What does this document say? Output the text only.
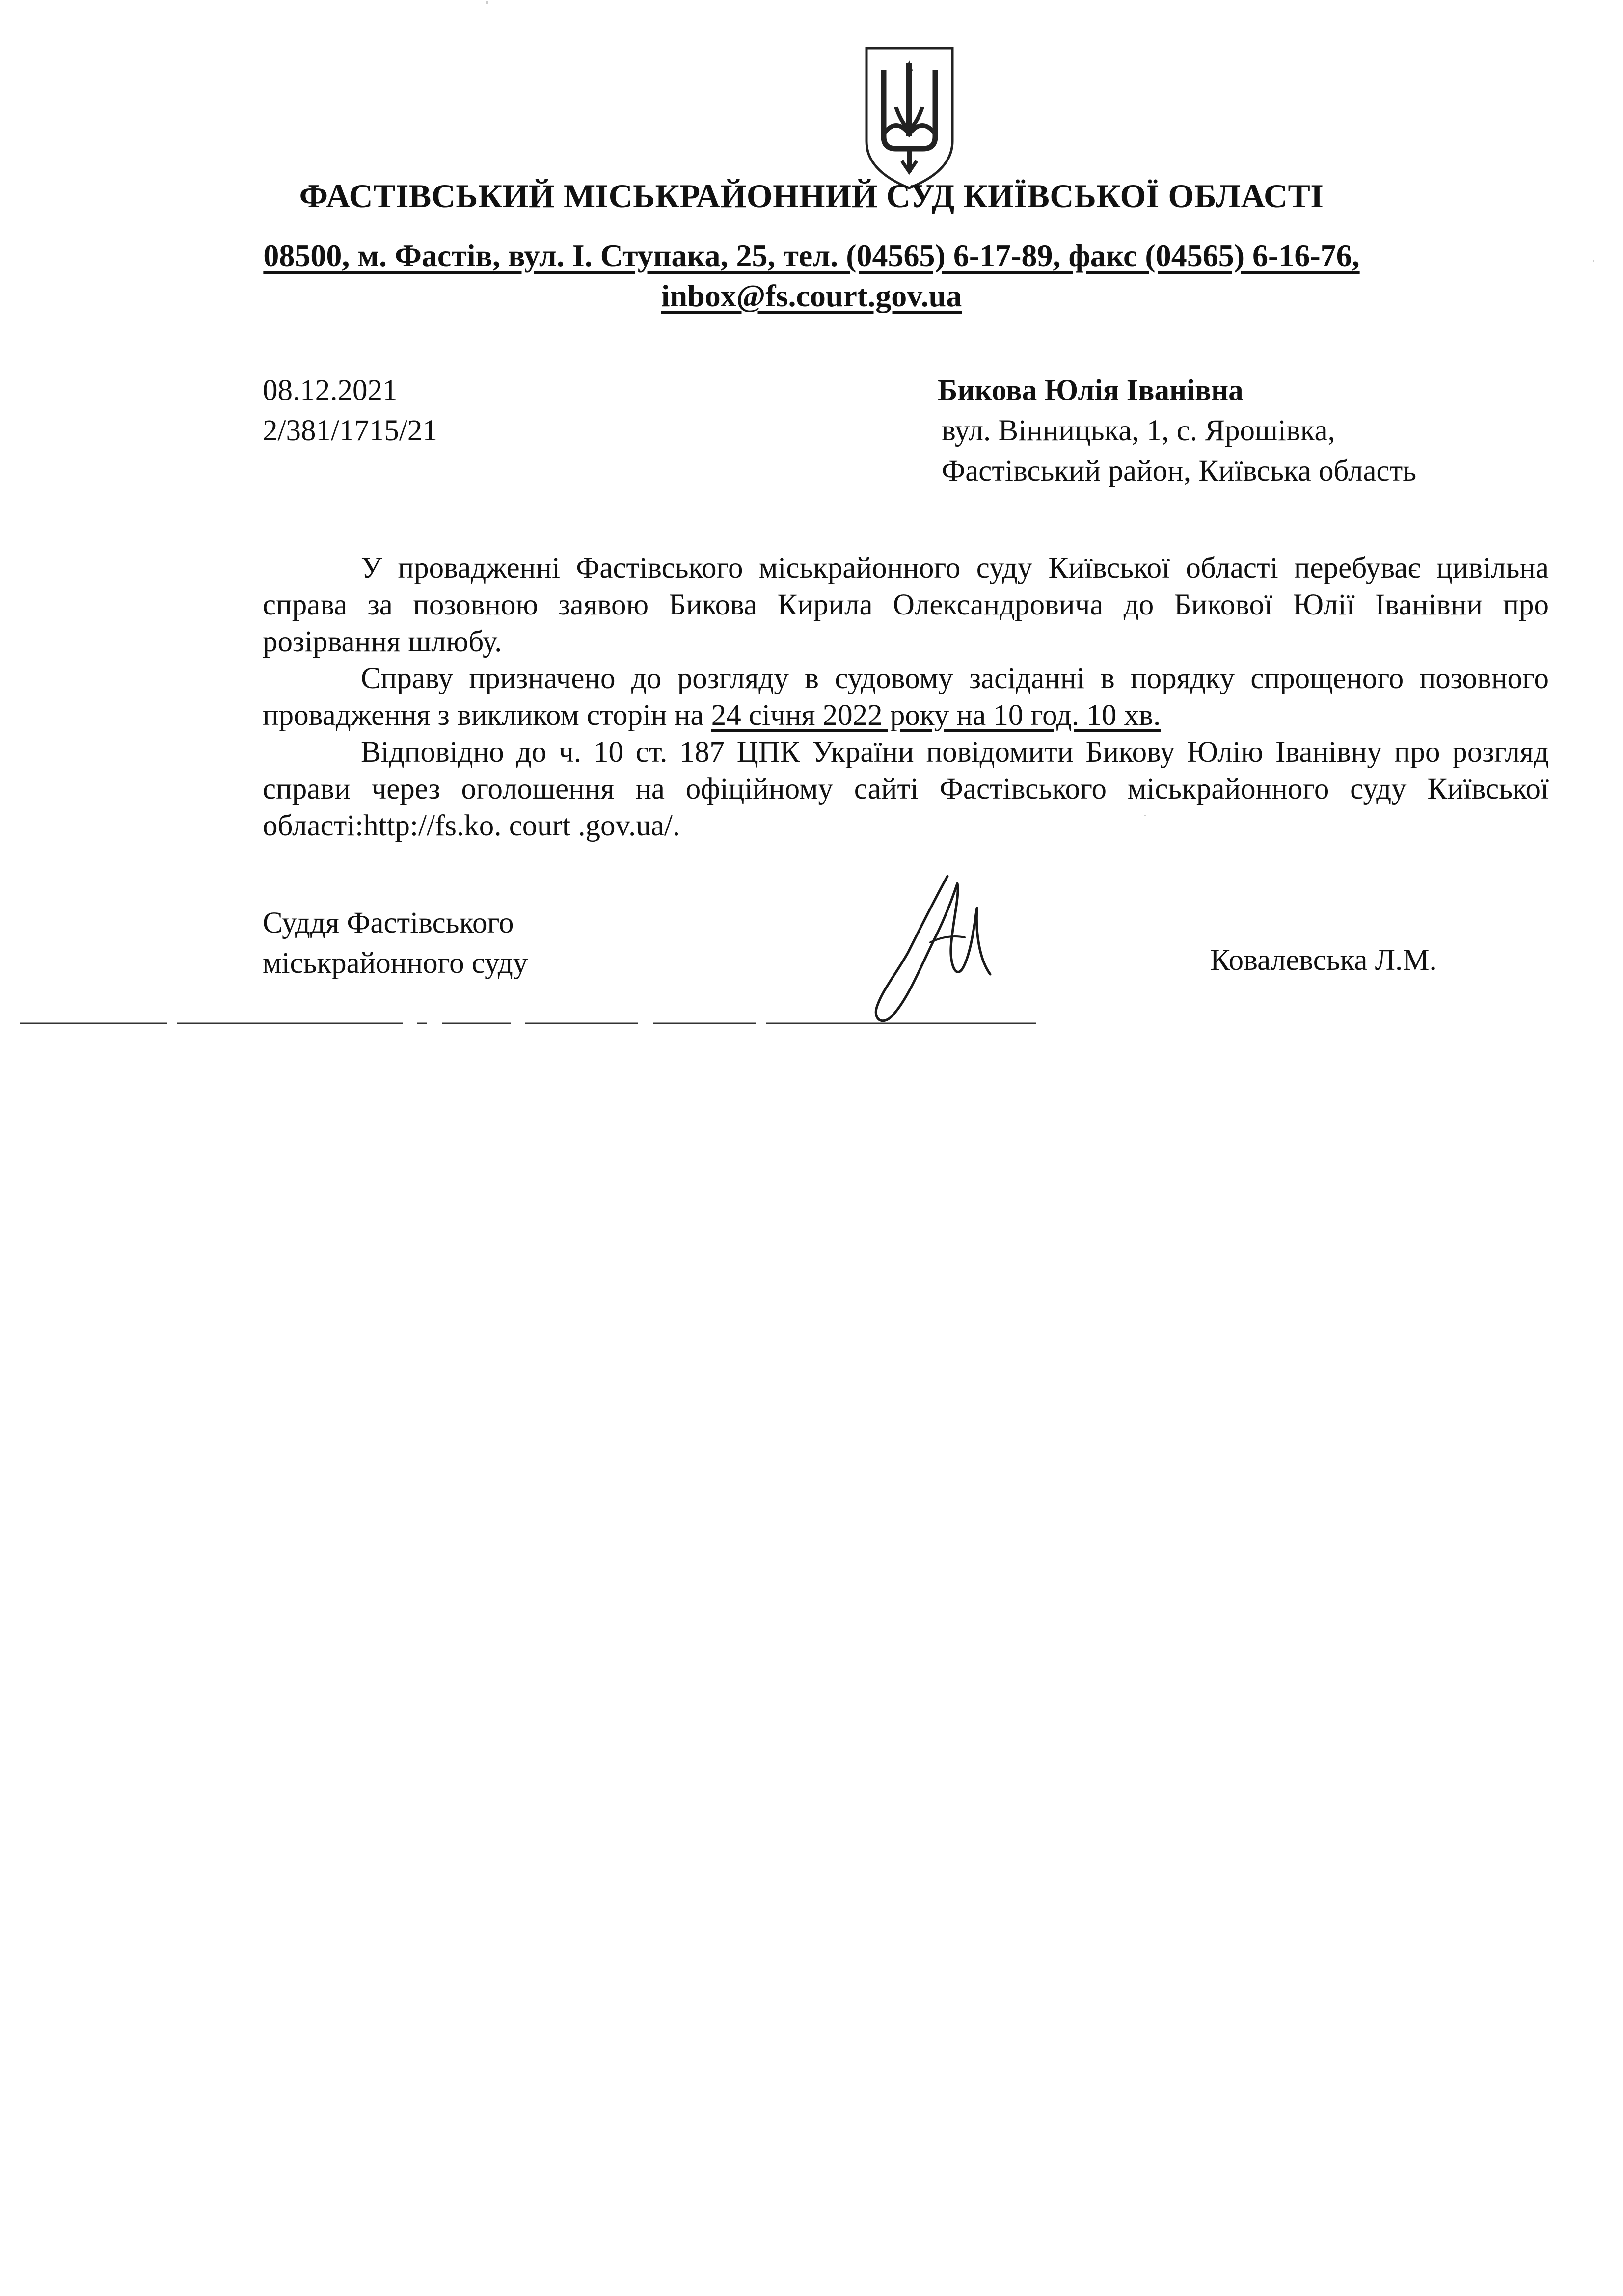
ФАСТІВСЬКИЙ МІСЬКРАЙОННИЙ СУД КИЇВСЬКОЇ ОБЛАСТІ
08500, м. Фастів, вул. І. Ступака, 25, тел. (04565) 6-17-89, факс (04565) 6-16-76,
inbox@fs.court.gov.ua
08.12.2021
2/381/1715/21
Бикова Юлія Іванівна
вул. Вінницька, 1, с. Ярошівка,
Фастівський район, Київська область

У провадженні Фастівського міськрайонного суду Київської області перебуває цивільна справа за позовною заявою Бикова Кирила Олександровича до Бикової Юлії Іванівни про розірвання шлюбу.

Справу призначено до розгляду в судовому засіданні в порядку спрощеного позовного провадження з викликом сторін на 24 січня 2022 року на 10 год. 10 хв.

Відповідно до ч. 10 ст. 187 ЦПК України повідомити Бикову Юлію Іванівну про розгляд справи через оголошення на офіційному сайті Фастівського міськрайонного суду Київської області:http://fs.ko. court .gov.ua/.

Суддя Фастівського
міськрайонного суду	Ковалевська Л.М.
